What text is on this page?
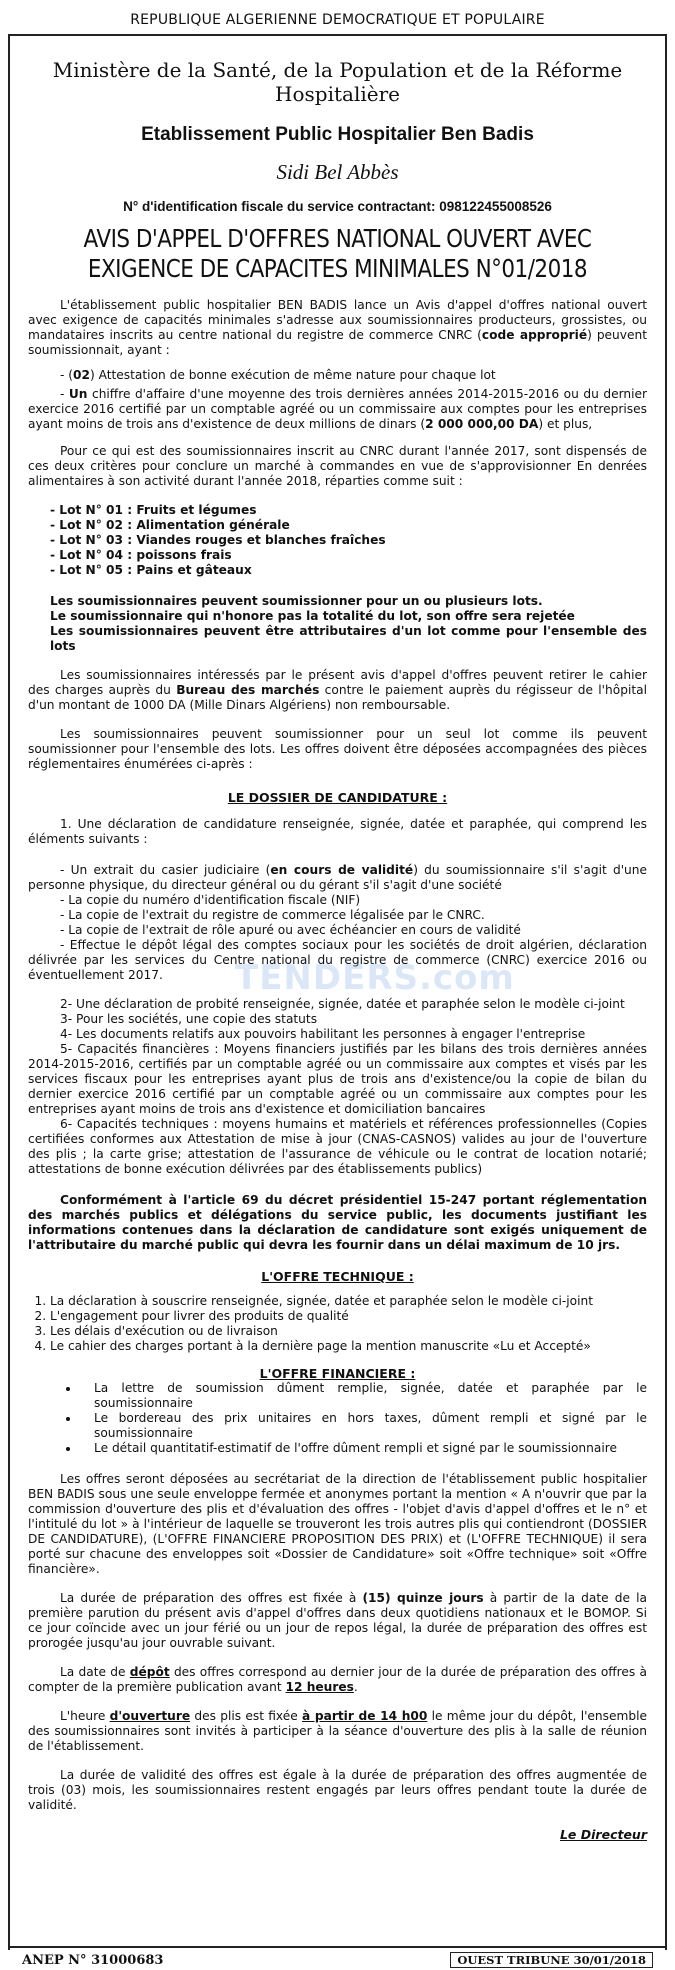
REPUBLIQUE ALGERIENNE DEMOCRATIQUE ET POPULAIRE
Ministère de la Santé, de la Population et de la Réforme Hospitalière
Etablissement Public Hospitalier Ben Badis
Sidi Bel Abbès
N° d'identification fiscale du service contractant: 098122455008526
AVIS D'APPEL D'OFFRES NATIONAL OUVERT AVEC
EXIGENCE DE CAPACITES MINIMALES N°01/2018

L'établissement public hospitalier BEN BADIS lance un Avis d'appel d'offres national ouvert avec exigence de capacités minimales s'adresse aux soumissionnaires producteurs, grossistes, ou mandataires inscrits au centre national du registre de commerce CNRC (code approprié) peuvent soumissionnait, ayant :

- (02) Attestation de bonne exécution de même nature pour chaque lot

- Un chiffre d'affaire d'une moyenne des trois dernières années 2014-2015-2016 ou du dernier exercice 2016 certifié par un comptable agréé ou un commissaire aux comptes pour les entreprises ayant moins de trois ans d'existence de deux millions de dinars (2 000 000,00 DA) et plus,

Pour ce qui est des soumissionnaires inscrit au CNRC durant l'année 2017, sont dispensés de ces deux critères pour conclure un marché à commandes en vue de s'approvisionner En denrées alimentaires à son activité durant l'année 2018, réparties comme suit :

- Lot N° 01 : Fruits et légumes
- Lot N° 02 : Alimentation générale
- Lot N° 03 : Viandes rouges et blanches fraîches
- Lot N° 04 : poissons frais
- Lot N° 05 : Pains et gâteaux
Les soumissionnaires peuvent soumissionner pour un ou plusieurs lots.
Le soumissionnaire qui n'honore pas la totalité du lot, son offre sera rejetée
Les soumissionnaires peuvent être attributaires d'un lot comme pour l'ensemble des lots

Les soumissionnaires intéressés par le présent avis d'appel d'offres peuvent retirer le cahier des charges auprès du Bureau des marchés contre le paiement auprès du régisseur de l'hôpital d'un montant de 1000 DA (Mille Dinars Algériens) non remboursable.

Les soumissionnaires peuvent soumissionner pour un seul lot comme ils peuvent soumissionner pour l'ensemble des lots. Les offres doivent être déposées accompagnées des pièces réglementaires énumérées ci-après :

LE DOSSIER DE CANDIDATURE :

1. Une déclaration de candidature renseignée, signée, datée et paraphée, qui comprend les éléments suivants :

- Un extrait du casier judiciaire (en cours de validité) du soumissionnaire s'il s'agit d'une personne physique, du directeur général ou du gérant s'il s'agit d'une société

- La copie du numéro d'identification fiscale (NIF)

- La copie de l'extrait du registre de commerce légalisée par le CNRC.

- La copie de l'extrait de rôle apuré ou avec échéancier en cours de validité

- Effectue le dépôt légal des comptes sociaux pour les sociétés de droit algérien, déclaration délivrée par les services du Centre national du registre de commerce (CNRC) exercice 2016 ou éventuellement 2017.

2- Une déclaration de probité renseignée, signée, datée et paraphée selon le modèle ci-joint

3- Pour les sociétés, une copie des statuts

4- Les documents relatifs aux pouvoirs habilitant les personnes à engager l'entreprise

5- Capacités financières : Moyens financiers justifiés par les bilans des trois dernières années 2014-2015-2016, certifiés par un comptable agréé ou un commissaire aux comptes et visés par les services fiscaux pour les entreprises ayant plus de trois ans d'existence/ou la copie de bilan du dernier exercice 2016 certifié par un comptable agréé ou un commissaire aux comptes pour les entreprises ayant moins de trois ans d'existence et domiciliation bancaires

6- Capacités techniques : moyens humains et matériels et références professionnelles (Copies certifiées conformes aux Attestation de mise à jour (CNAS-CASNOS) valides au jour de l'ouverture des plis ; la carte grise; attestation de l'assurance de véhicule ou le contrat de location notarié; attestations de bonne exécution délivrées par des établissements publics)

Conformément à l'article 69 du décret présidentiel 15-247 portant réglementation des marchés publics et délégations du service public, les documents justifiant les informations contenues dans la déclaration de candidature sont exigés uniquement de l'attributaire du marché public qui devra les fournir dans un délai maximum de 10 jrs.

L'OFFRE TECHNIQUE :
1. La déclaration à souscrire renseignée, signée, datée et paraphée selon le modèle ci-joint
2. L'engagement pour livrer des produits de qualité
3. Les délais d'exécution ou de livraison
4. Le cahier des charges portant à la dernière page la mention manuscrite «Lu et Accepté»
L'OFFRE FINANCIERE :
• La lettre de soumission dûment remplie, signée, datée et paraphée par le soumissionnaire
• Le bordereau des prix unitaires en hors taxes, dûment rempli et signé par le soumissionnaire
• Le détail quantitatif-estimatif de l'offre dûment rempli et signé par le soumissionnaire

Les offres seront déposées au secrétariat de la direction de l'établissement public hospitalier BEN BADIS sous une seule enveloppe fermée et anonymes portant la mention « A n'ouvrir que par la commission d'ouverture des plis et d'évaluation des offres - l'objet d'avis d'appel d'offres et le n° et l'intitulé du lot » à l'intérieur de laquelle se trouveront les trois autres plis qui contiendront (DOSSIER DE CANDIDATURE), (L'OFFRE FINANCIERE PROPOSITION DES PRIX) et (L'OFFRE TECHNIQUE) il sera porté sur chacune des enveloppes soit «Dossier de Candidature» soit «Offre technique» soit «Offre financière».

La durée de préparation des offres est fixée à (15) quinze jours à partir de la date de la première parution du présent avis d'appel d'offres dans deux quotidiens nationaux et le BOMOP. Si ce jour coïncide avec un jour férié ou un jour de repos légal, la durée de préparation des offres est prorogée jusqu'au jour ouvrable suivant.

La date de dépôt des offres correspond au dernier jour de la durée de préparation des offres à compter de la première publication avant 12 heures.

L'heure d'ouverture des plis est fixée à partir de 14 h00 le même jour du dépôt, l'ensemble des soumissionnaires sont invités à participer à la séance d'ouverture des plis à la salle de réunion de l'établissement.

La durée de validité des offres est égale à la durée de préparation des offres augmentée de trois (03) mois, les soumissionnaires restent engagés par leurs offres pendant toute la durée de validité.

Le Directeur
TENDERS.com
ANEP N° 31000683	OUEST TRIBUNE 30/01/2018
